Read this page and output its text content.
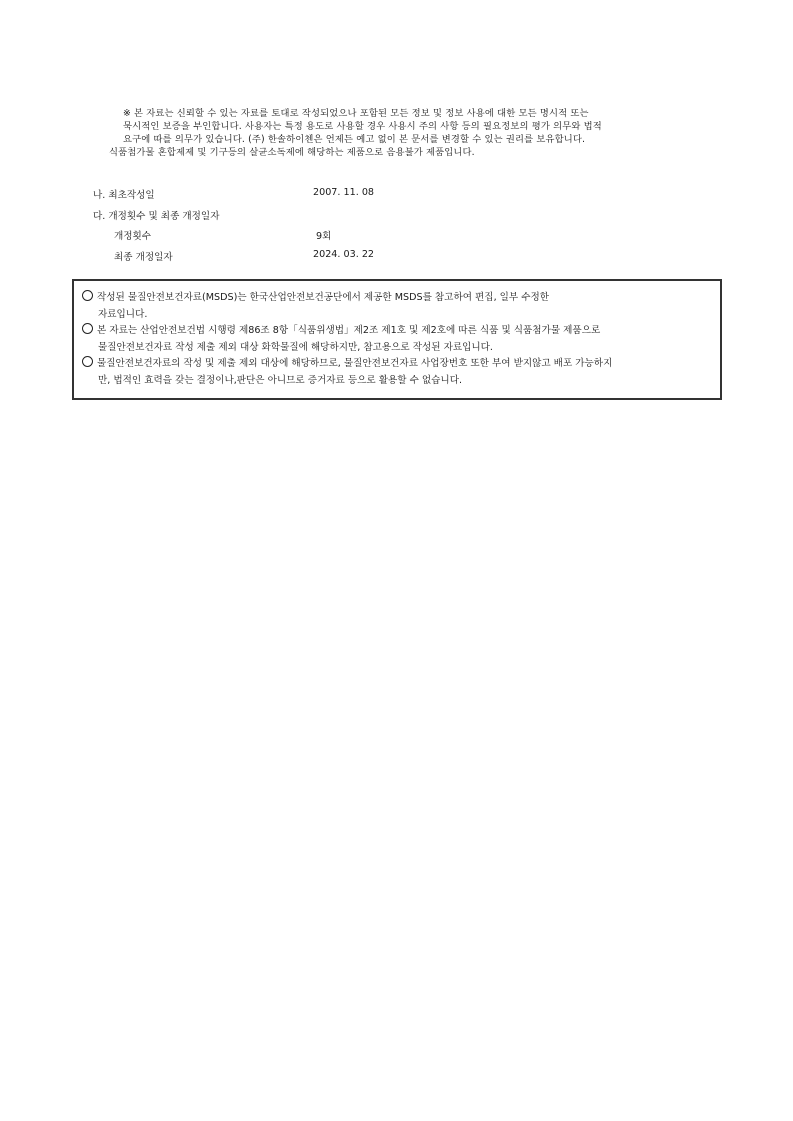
※ 본 자료는 신뢰할 수 있는 자료를 토대로 작성되었으나 포함된 모든 정보 및 정보 사용에 대한 모든 명시적 또는
묵시적인 보증을 부인합니다. 사용자는 특정 용도로 사용할 경우 사용시 주의 사항 등의 필요정보의 평가 의무와 법적
요구에 따를 의무가 있습니다. (주) 한솔하이첸은 언제든 예고 없이 본 문서를 변경할 수 있는 권리를 보유합니다.
식품첨가물 혼합제제 및 기구등의 살균소독제에 해당하는 제품으로 음용불가 제품입니다.
나. 최초작성일	2007. 11. 08
다. 개정횟수 및 최종 개정일자
개정횟수	9회
최종 개정일자	2024. 03. 22
작성된 물질안전보건자료(MSDS)는 한국산업안전보건공단에서 제공한 MSDS를 참고하여 편집, 일부 수정한
자료입니다.
본 자료는 산업안전보건법 시행령 제86조 8항「식품위생법」제2조 제1호 및 제2호에 따른 식품 및 식품첨가물 제품으로
물질안전보건자료 작성 제출 제외 대상 화학물질에 해당하지만, 참고용으로 작성된 자료입니다.
물질안전보건자료의 작성 및 제출 제외 대상에 해당하므로, 물질안전보건자료 사업장번호 또한 부여 받지않고 배포 가능하지
만, 법적인 효력을 갖는 결정이나,판단은 아니므로 증거자료 등으로 활용할 수 없습니다.
